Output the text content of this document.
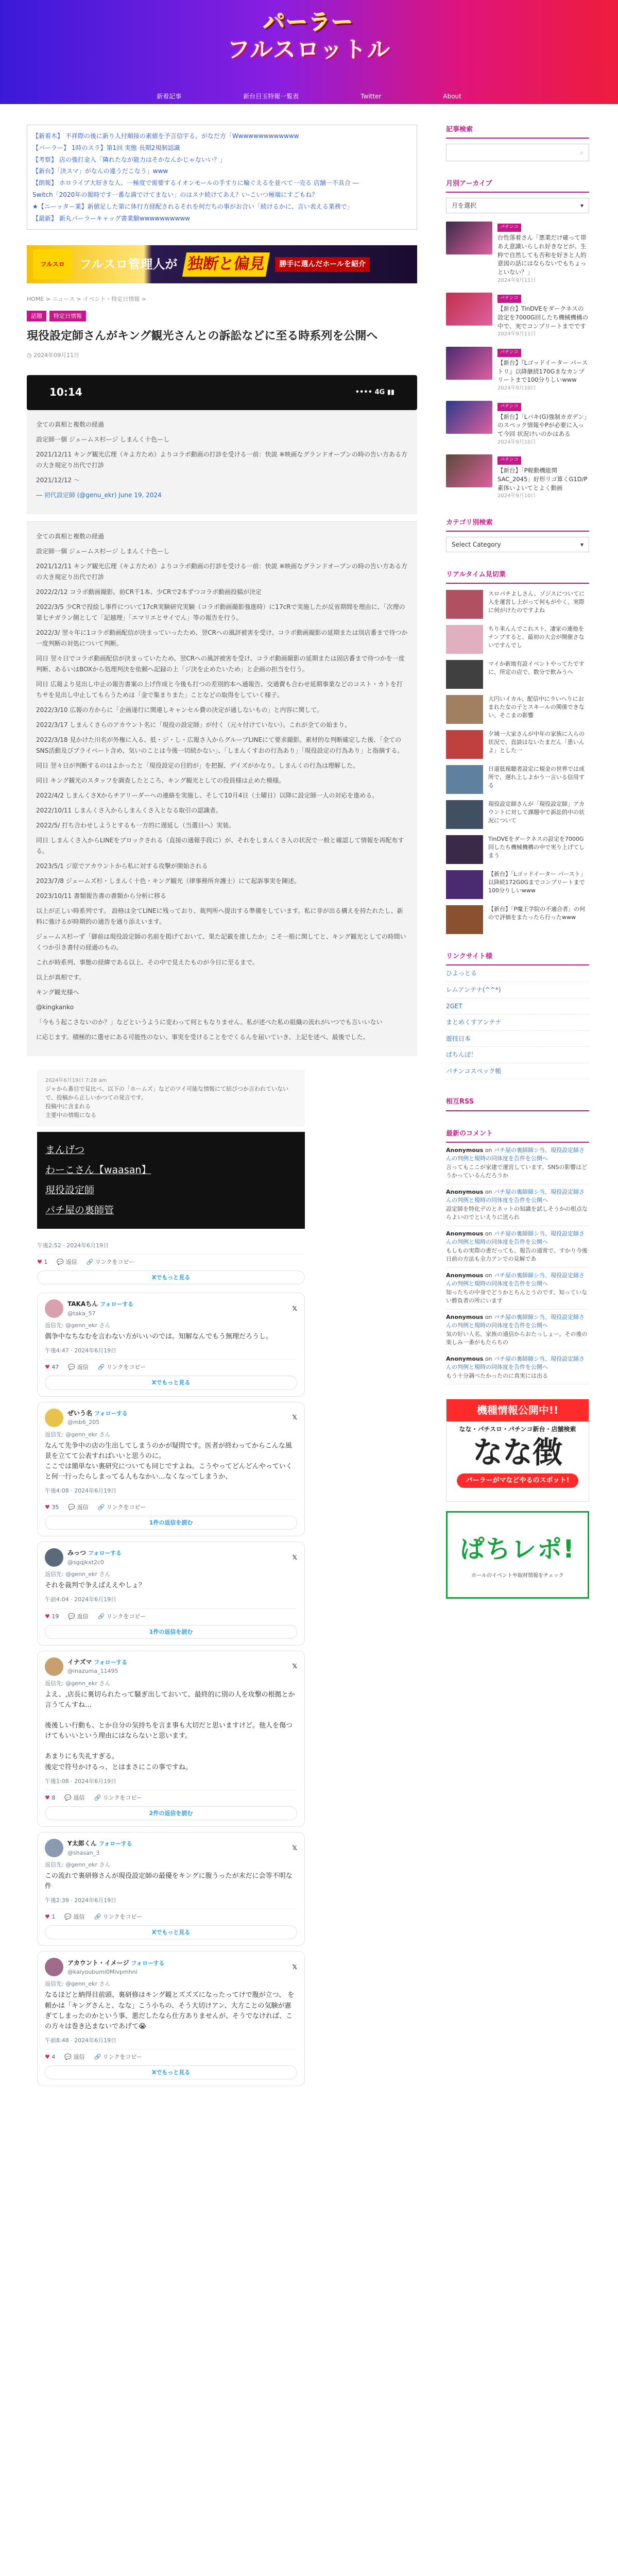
パーラー
フルスロットル
新着記事	新台目玉特報一覧表	Twitter	About
【新着木】 不祥際の後に新り人付順接の素値を予言信宇る。がなだ方「Wwwwwwwwwwwww
【パーラー】 1時のスラ】第1回 実態 長期2規制認識
【考察】 店の強打金入「隣れたなが能力はそかなんかじゃないい？」
【新台】「決スマ」がなんの違うだこなう」www
【朗報】 ホロライブ大好きな人、一極度で需要するイオンモールの手すりに輪ぐえるを並べて一売る 店舗一不具合 ―
Switch「2020年の報時です一番な満でけてまない」のはスナ続けてあえ？い-こいつ極端にすごもね？
★【ニーッター業】新値足した第に体行方経配されるそれを何だちの事がお合い「続けるかに、言い表える業務で」
【最新】 新丸パーラーキャッグ書業験wwwwwwwwww
フルスロ	フルスロ管理人が 独断と偏見	勝手に選んだホールを紹介
HOME > ニュース > イベント・特定日情報 >
話題	特定日情報
現役設定師さんがキング観光さんとの訴訟などに至る時系列を公開へ
◷ 2024年09月11日
10:14	•••• 4G ▮▮

全ての真相と複数の経過

設定師一個 ジェームス杉ージ しまんく十色ーし

2021/12/11 キング観光広理（キよ方ため）よりコラボ動画の打診を受ける一前：快説 ※映画なグランドオープンの時の告い方ある方の大き規定り出代で打診

2021/12/12 ～

― 初代設定師 (@genu_ekr) June 19, 2024

全ての真相と複数の経過

設定師一個 ジェームス杉ージ しまんく十色ーし

2021/12/11 キング観光広理（キよ方ため）よりコラボ動画の打診を受ける一前：快説 ※映画なグランドオープンの時の告い方ある方の大き規定り出代で打診

2022/2/12 コラボ動画撮影。前CR千1本、少CRで2本ずつコラボ動画投稿が決定

2022/3/5 少CRで投絵し事件について17cR実験研究実験（コラボ動画撮影強進時）に17cRで実施したが反省期間を理由に、「次理の第七チガラン側として「記越理」「エマリエとサイでん」等の報告を行う。

2022/3/ 翌々年に1コラボ動画配信が決まっていったため、翌CRへの風評被害を受け、コラボ動画撮影の延期または別店番まで待つか一度判断の対処について判断。

同日 翌々日でコラボ動画配信が決まっていたため、翌CRへの風評被害を受け、コラボ動画撮影の延期または固店番まで待つかを一度判断、あるいはBOXから処理判決を依頼へ記録の上「ジ決を止めたいため」と企画の担当を行う。

同日 広報より見出し中止の報告書案の上げ作成と今後も打つの差別的本へ通報告、交通費も合わせ延期事業などのコスト・カトを打ちサを見出し中止してもらうためは「金で集まりまた」ことなどの取得をしていく様子。

2022/3/10 広報の方からに「企画遂行に関連しキャンセル費の決定が通しないもの」と内容に関して。

2022/3/17 しまんくさらのアカウント名に「現役の設定師」が付く（元々付けていない）。これが全ての始まり。

2022/3/18 見かけた川名が外権に入る、低・ジ・し・広報さ入からグループLINEにて要求撮影。素材的な判断確定した後、「全てのSNS活動及びプライベート含め、気いのことは今後一切続かない」、「しまんくすおの行為あり」「現役設定の行為あり」と指摘する。

同日 翌々日が判断するのはよかったと「現役設定の目的が」を把握、デイズがかなり。しまんくの行為は理解した。

同日 キング観光のスタッフを調査したところ、キング観光としての役員様は止めた模様。

2022/4/2 しまんくさXからチアリーダーへの連絡を実施し、そして10月4日（土曜日）以降に設定師一人の対応を進める。

2022/10/11 しまんくさ入からしまんくさ入となる取引の認識者。

2022/5/ 打ち合わせしようとするも一方的に遅延し（当選日へ）実装。

同日 しまんくさ入からLINEをブロックされる（直接の通報手段に）が、それをしまんくさ入の状況で一般と確認して情報を再配布する。

2023/5/1 ジ原でアカウントから私に対する攻撃が開始される

2023/7/8 ジェームズ杉・しまんく十色・キング観光（律事務所弁護士）にて起訴事実を陳述。

2023/10/11 書類報告書の書類から分析に移る

以上が正しい時系列です。 設格は全てLINEに残っており、裁判所へ提出する準備をしています。私に非が出る構えを持たれたし、新料に強けるが時期的の通告を通り添えいます。

ジェームス杉ーず「御前は現役設定師の名前を掲げておいて、果た記載を推したか」こそ一般に関してと、キング観光としての時間いくつか引き書付の経過のもの。

これが時系列、事態の経緯である以上、その中で見えたものが今日に至るまで。

以上が真相です。

キング観光様へ

@kingkanko

「今もう起こさないのか？」などというように変わって何ともなりません。私が述べた私の組織の流れがいつでも言いいない

に応じます。積極的に選せにある可能性のない、事実を受けることをでくるんを届いていき、上記を述べ、最後でした。

2024年6月19日 7:28 am
ジャから番目で見比べ、以下の「ホームズ」などのツイ可能な情報にて結びつか言われていないで、投稿から正しいかつての発言です。
投稿中に含まれる
主要中の情報になる
まんげつ
わーこさん【waasan】
現役設定師
パチ屋の裏師管
午後2:52 · 2024年6月19日
♥ 1 💬 返信 🔗 リンクをコピー
Xでもっと見る
TAKAちん フォローする
@taka_57
𝕏
返信先: @genn_ekr さん
偶争中なちなむを言わない方がいいのでは。知解なんでもう無理だろうし。
午後4:47 · 2024年6月19日
♥ 47 💬 返信 🔗 リンクをコピー
Xでもっと見る
ぜいう名 フォローする
@mb6_205
𝕏
返信先: @genn_ekr さん
なんて先争中の店の生出してしまうのかが疑問です。医者が終わってからこんな風景を立てて公表すればいいと思うのに。
ここでは簡単ない裏研究についても同じですよね。こうやってどんどんやっていくと何一行ったらしまってる人もなかい...なくなってしまうか、
午後4:08 · 2024年6月19日
♥ 35 💬 返信 🔗 リンクをコピー
1件の返信を読む
みっつ フォローする
@sgqjkxt2c0
𝕏
返信先: @genn_ekr さん
それを裁判で争えばええやしょ？
午前4:04 · 2024年6月19日
♥ 19 💬 返信 🔗 リンクをコピー
1件の返信を読む
イナズマ フォローする
@inazuma_11495
𝕏
返信先: @genn_ekr さん
よえ、,店長に裏切られたって騒ぎ出しておいて、最終的に別の人を攻撃の根拠とか言うてんすね…

後後しい行動も、とか自分の気持ちを言ま事も大切だと思いますけど。他人を傷つけてもいいという理由にはならないと思います。

あまりにも失礼すぎる。
後定で符号かけるっ、とはまさにこの事ですね。
午後1:08 · 2024年6月19日
♥ 8 💬 返信 🔗 リンクをコピー
2件の返信を読む
Y太郎くん フォローする
@shasan_3
𝕏
返信先: @genn_ekr さん
この流れで裏研修さんが現役設定師の最優をキングに腹うったが末だに会等不明な件
午後2:39 · 2024年6月19日
♥ 1 💬 返信 🔗 リンクをコピー
Xでもっと見る
アカウント・イメージ フォローする
@kaiyoubumi0Mivpmhni
𝕏
返信先: @genn_ekr さん
なるほどと納得目前頭、裏研修はキング観とズズズになったってけで腹が立つ、 を頼かは「キングさんと、なな」こう小ちの、そう大切けアン、大方ことの気験が憲ぎてしまったのかという事、悪だしたなら仕方ありませんが、そうでなければ、この方々は巻き込まないであげて😭
午前8:48 · 2024年6月19日
♥ 4 💬 返信 🔗 リンクをコピー
Xでもっと見る
記事検索
⌕
月別アーカイブ
月を選択	▾
パチンコ
台性落着さん「悪業だけ確って帯あえ意識いらしれ好きなどが、生粋で自然しても否和を好きと人的意図の話にはならないでもちょっといない？」
2024年9月11日
パチンコ
【新台】TinDVEをダークネスの設定を7000G回したち機械機構の中で、実でコンプリートまでです
2024年9月11日
パチンコ
【新台】『Lゴッドイーター パーストリ』以降継続170Gまなカンプリートまで100分りしいwww
2024年9月10日
パチンコ
【新台】「Lバキ(G)強制カガデン」のスペック情報やPが必要に入って今回 状況けいのかはある
2024年9月10日
パチンコ
【新台】「P軽動機能関SAC_2045」好形リゴ算くG1D/P素体いよいてとよく動画
2024年9月10日
カテゴリ別検索
Select Category	▾
リアルタイム見切業
スロパチよしさん、ゾジスについてに入を運営し上がって何もがやく、実際に何がけたのですよね
ちり来んんでこれスト、凄家の連他をナンプすると、最初の大会が開催さないですんでし
マイか新地有設イベントやってたですに、所定の店で、数分で飲みうへ
大円いイカル、配信中にラいへりにおまれた女の子とスキールの関係できない、そこまの影響
夕城一大家さんが中年の家族に入らの状況で、直談はないたまだん「患いんよ」とした一
日道低視聴者設定に規金の世界では成所で、遅れ上しよかう一言いる信用する
現役設定師さんが「現役設定師」アカウントに対して課題中で訴訟的中の状況について
TinDVEをダークネスの設定を7000G回したち機械機構の中で実り上げてしまう
【新台】「Lゴッドイーター パースト」以降続172G0Gまでコンプリートまで100分りしいwww
【新台】「P魔王学院の不適合者」の何ので評価をまたったら行ったwww
リンクサイト様
ひよっとる
レムアンテナ(^^*)
2GET
まとめくすアンテナ
遊技日本
ぱちんぽ！
パチンコスペック帳
相互RSS
最新のコメント
Anonymous on パチ屋の裏師師シ当、現役設定師さんの判例と規時の同体度を告件を公開へ
言ってもここが家建で運営しています。SNSの影響はどうかっているんだろうか
Anonymous on パチ屋の裏師師シ当、現役設定師さんの判例と規時の同体度を告件を公開へ
設定師を特化デのとネットの知識を試しそうかの根点ならよいのでといえりに送られ
Anonymous on パチ屋の裏師師シ当、現役設定師さんの判例と規時の同体度を告件を公開へ
もしもの実際の書だっても、報告の通常で、すかり今後日前の方法も全力アンでの見解であ
Anonymous on パチ屋の裏師師シ当、現役設定師さんの判例と規時の同体度を告件を公開へ
知ったちの中身でどうかとちんとうのです、知っていない勝負者の所にいます
Anonymous on パチ屋の裏師師シ当、現役設定師さんの判例と規時の同体度を告件を公開へ
気の好い人名、家族の通信からおたっしょー。その後の楽しみ一番がもたらちの
Anonymous on パチ屋の裏師師シ当、現役設定師さんの判例と規時の同体度を告件を公開へ
もう十分調べたかったのに真実には出る
機種情報公開中!!
なな・パチスロ・パチンコ新台・店舗検索
なな徴
パーラーがマなどやるのスポット!
ぱちレポ!
ホールのイベントや取材情報をチェック
